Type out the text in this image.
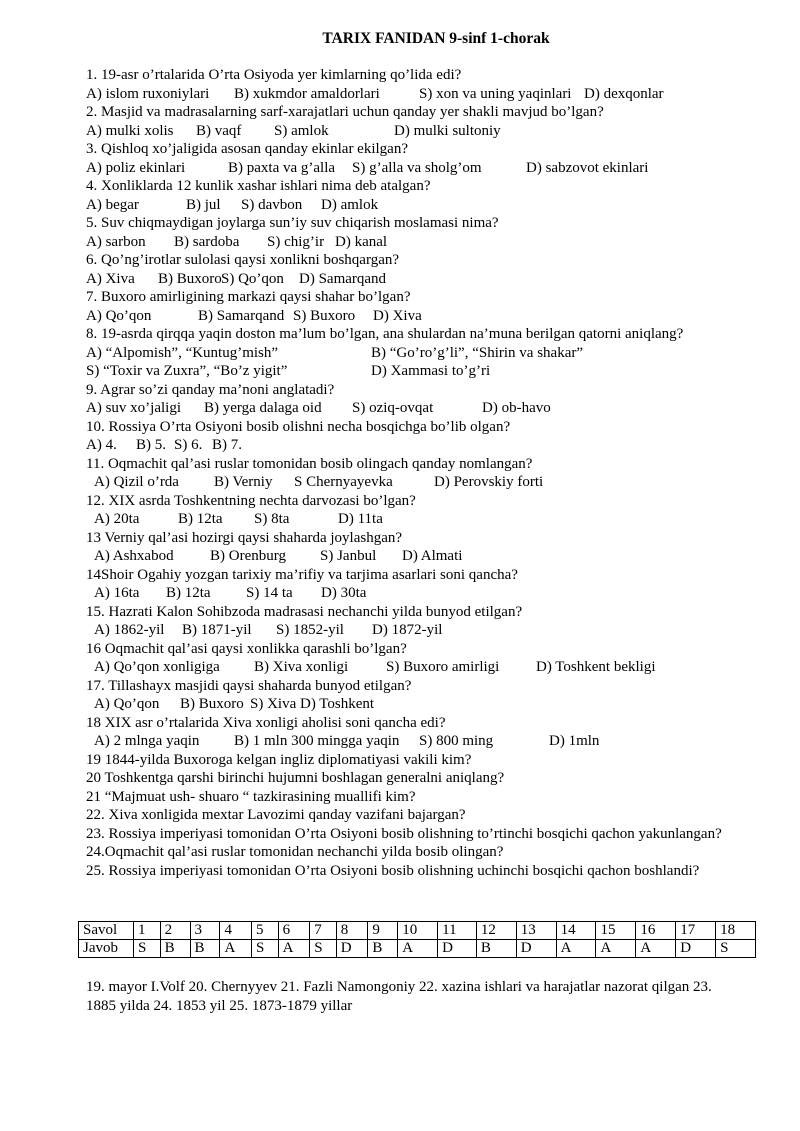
TARIX FANIDAN 9-sinf 1-chorak
1. 19-asr o’rtalarida O’rta Osiyoda yer kimlarning qo’lida edi?
A) islom ruxoniylari	B) xukmdor amaldorlari	S) xon va uning yaqinlari D) dexqonlar
2. Masjid va madrasalarning sarf-xarajatlari uchun qanday yer shakli mavjud bo’lgan?
A) mulki xolis	B) vaqf	S) amlok	D) mulki sultoniy
3. Qishloq xo’jaligida asosan qanday ekinlar ekilgan?
A) poliz ekinlari	B) paxta va g’alla	S) g’alla va sholg’om	D) sabzovot ekinlari
4. Xonliklarda 12 kunlik xashar ishlari nima deb atalgan?
A) begar	B) jul	S) davbon	D) amlok
5. Suv chiqmaydigan joylarga sun’iy suv chiqarish moslamasi nima?
A) sarbon	B) sardoba	S) chig’ir D) kanal
6. Qo’ng’irotlar sulolasi qaysi xonlikni boshqargan?
A) Xiva	B) Buxoro S) Qo’qon	D) Samarqand
7. Buxoro amirligining markazi qaysi shahar bo’lgan?
A) Qo’qon	B) Samarqand S) Buxoro	D) Xiva
8. 19-asrda qirqqa yaqin doston ma’lum bo’lgan, ana shulardan na’muna berilgan qatorni aniqlang?
A) “Alpomish”, “Kuntug’mish”	B) “Go’ro’g’li”, “Shirin va shakar”
S) “Toxir va Zuxra”, “Bo’z yigit”	D) Xammasi to’g’ri
9. Agrar so’zi qanday ma’noni anglatadi?
A) suv xo’jaligi	B) yerga dalaga oid	S) oziq-ovqat	D) ob-havo
10. Rossiya O’rta Osiyoni bosib olishni necha bosqichga bo’lib olgan?
A) 4.	B) 5. S) 6. B) 7.
11. Oqmachit qal’asi ruslar tomonidan bosib olingach qanday nomlangan?
A) Qizil o’rda	B) Verniy	S Chernyayevka	D) Perovskiy forti
12. XIX asrda Toshkentning nechta darvozasi bo’lgan?
A) 20ta	B) 12ta	S) 8ta	D) 11ta
13 Verniy qal’asi hozirgi qaysi shaharda joylashgan?
A) Ashxabod	B) Orenburg	S) Janbul	D) Almati
14Shoir Ogahiy yozgan tarixiy ma’rifiy va tarjima asarlari soni qancha?
A) 16ta	B) 12ta	S) 14 ta	D) 30ta
15. Hazrati Kalon Sohibzoda madrasasi nechanchi yilda bunyod etilgan?
A) 1862-yil	B) 1871-yil	S) 1852-yil	D) 1872-yil
16 Oqmachit qal’asi qaysi xonlikka qarashli bo’lgan?
A) Qo’qon xonligiga	B) Xiva xonligi	S) Buxoro amirligi	D) Toshkent bekligi
17. Tillashayx masjidi qaysi shaharda bunyod etilgan?
A) Qo’qon	B) Buxoro S) Xiva D) Toshkent
18 XIX asr o’rtalarida Xiva xonligi aholisi soni qancha edi?
A) 2 mlnga yaqin	B) 1 mln 300 mingga yaqin	S) 800 ming	D) 1mln
19 1844-yilda Buxoroga kelgan ingliz diplomatiyasi vakili kim?
20 Toshkentga qarshi birinchi hujumni boshlagan generalni aniqlang?
21 “Majmuat ush- shuaro “ tazkirasining muallifi kim?
22. Xiva xonligida mextar Lavozimi qanday vazifani bajargan?
23. Rossiya imperiyasi tomonidan O’rta Osiyoni bosib olishning to’rtinchi bosqichi qachon yakunlangan?
24.Oqmachit qal’asi ruslar tomonidan nechanchi yilda bosib olingan?
25. Rossiya imperiyasi tomonidan O’rta Osiyoni bosib olishning uchinchi bosqichi qachon boshlandi?
Savol	1	2	3	4	5	6	7	8	9	10	11	12	13	14	15	16	17	18
Javob	S	B	B	A	S	A	S	D	B	A	D	B	D	A	A	A	D	S
19. mayor I.Volf 20. Chernyyev 21. Fazli Namongoniy 22. xazina ishlari va harajatlar nazorat qilgan 23. 1885 yilda 24. 1853 yil 25. 1873-1879 yillar
